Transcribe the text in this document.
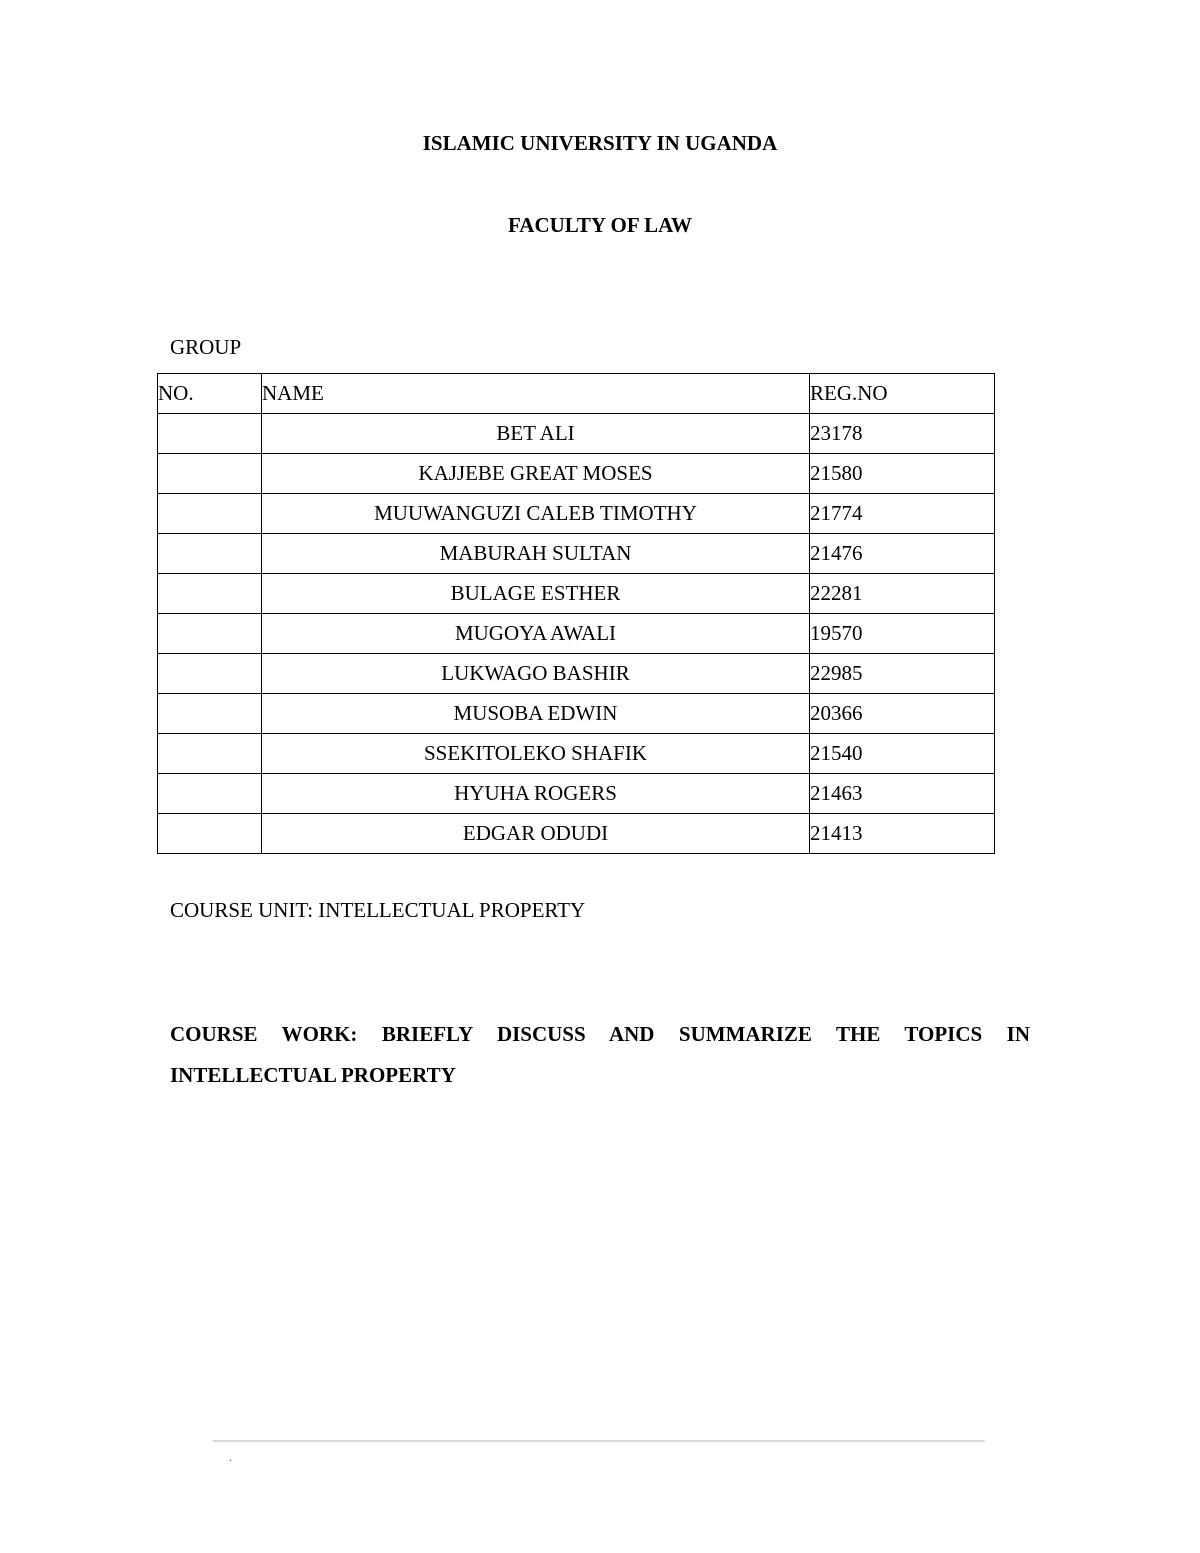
ISLAMIC UNIVERSITY IN UGANDA
FACULTY OF LAW

GROUP

NO.	NAME	REG.NO
	BET ALI	23178
	KAJJEBE GREAT MOSES	21580
	MUUWANGUZI CALEB TIMOTHY	21774
	MABURAH SULTAN	21476
	BULAGE ESTHER	22281
	MUGOYA AWALI	19570
	LUKWAGO BASHIR	22985
	MUSOBA EDWIN	20366
	SSEKITOLEKO SHAFIK	21540
	HYUHA ROGERS	21463
	EDGAR ODUDI	21413

COURSE UNIT: INTELLECTUAL PROPERTY

COURSE WORK: BRIEFLY DISCUSS AND SUMMARIZE THE TOPICS IN INTELLECTUAL PROPERTY

.
